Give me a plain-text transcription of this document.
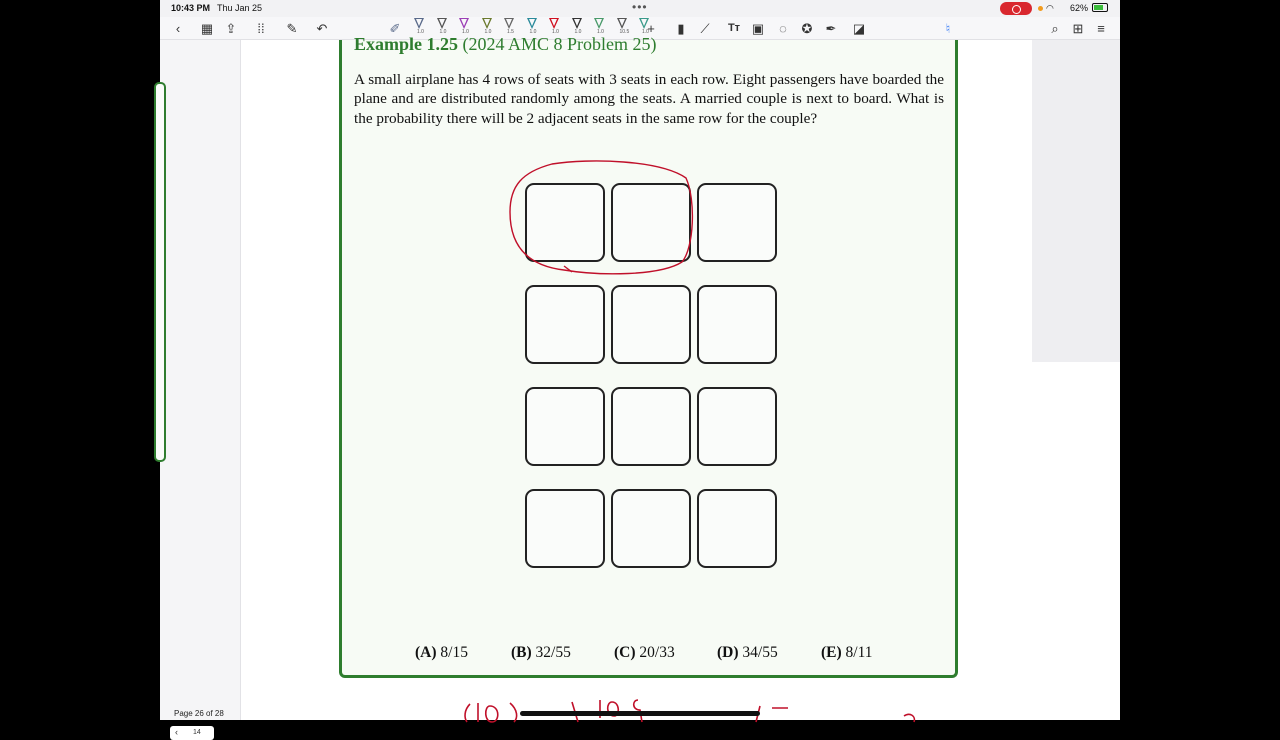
10:43 PM Thu Jan 25	•••	◠ 62%
‹	▦ ⇪	⁞⁞	✎ ↶	✐	1.0	1.0	1.0	1.0	1.5	1.0	1.0	1.0	1.0	10.5	1.0
+	▮	⟋	Tт ▣	◌	✪ ✒ ◪	♮	⌕	⊞	≡
Page 26 of 28
‹ 14
Example 1.25 (2024 AMC 8 Problem 25)

A small airplane has 4 rows of seats with 3 seats in each row. Eight passengers have boarded the plane and are distributed randomly among the seats. A married couple is next to board. What is the probability there will be 2 adjacent seats in the same row for the couple?

(A) 8/15	(B) 32/55	(C) 20/33	(D) 34/55	(E) 8/11
